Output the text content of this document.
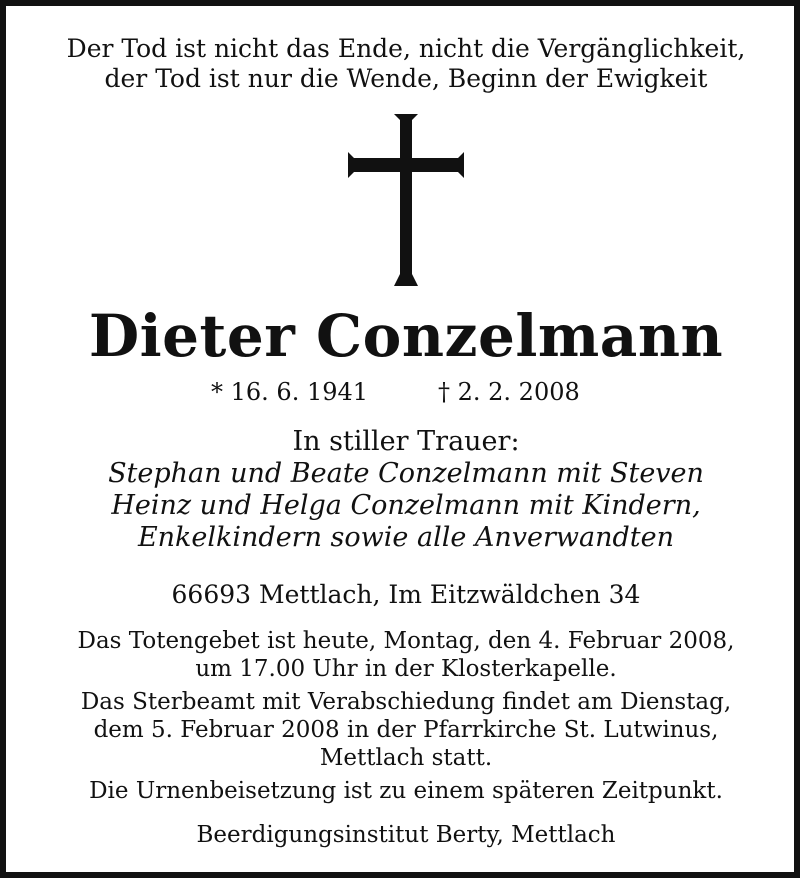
Der Tod ist nicht das Ende, nicht die Vergänglichkeit,
der Tod ist nur die Wende, Beginn der Ewigkeit
Dieter Conzelmann
* 16. 6. 1941	† 2. 2. 2008
In stiller Trauer:
Stephan und Beate Conzelmann mit Steven
Heinz und Helga Conzelmann mit Kindern,
Enkelkindern sowie alle Anverwandten
66693 Mettlach, Im Eitzwäldchen 34
Das Totengebet ist heute, Montag, den 4. Februar 2008,
um 17.00 Uhr in der Klosterkapelle.
Das Sterbeamt mit Verabschiedung findet am Dienstag,
dem 5. Februar 2008 in der Pfarrkirche St. Lutwinus,
Mettlach statt.
Die Urnenbeisetzung ist zu einem späteren Zeitpunkt.
Beerdigungsinstitut Berty, Mettlach
